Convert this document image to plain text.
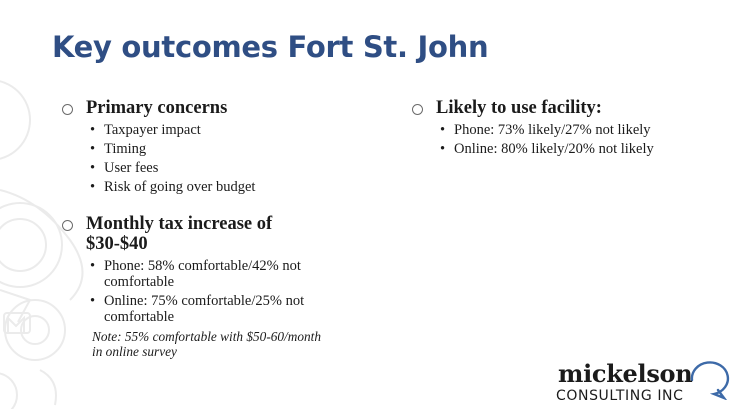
Key outcomes Fort St. John

Primary concerns

• Taxpayer impact
• Timing
• User fees
• Risk of going over budget

Monthly tax increase of
$30-$40

• Phone: 58% comfortable/42% not comfortable
• Online: 75% comfortable/25% not comfortable

Note: 55% comfortable with $50-60/month in online survey

Likely to use facility:

• Phone: 73% likely/27% not likely
• Online: 80% likely/20% not likely
mickelson
CONSULTING INC
